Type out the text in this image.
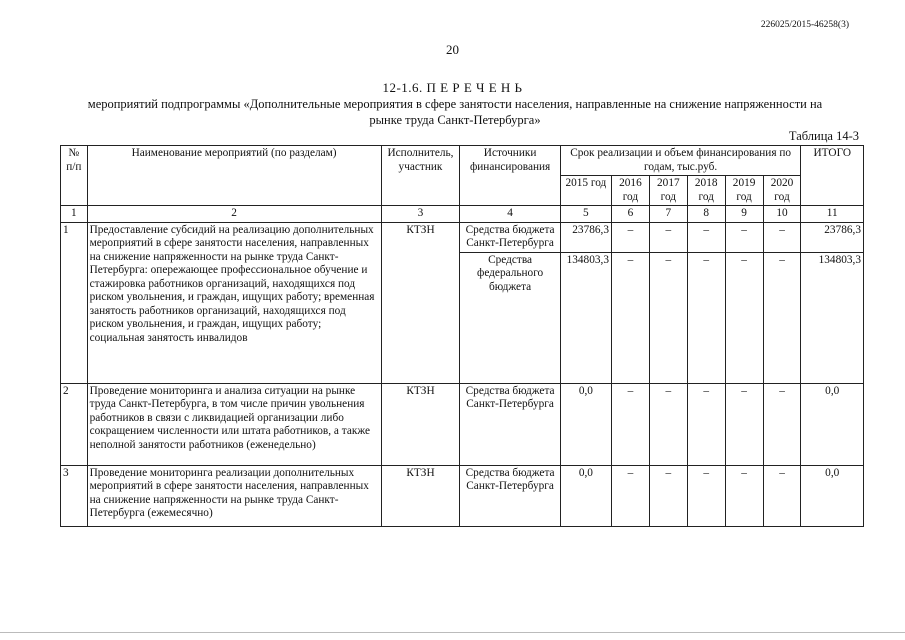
226025/2015-46258(3)
20
12-1.6. П Е Р Е Ч Е Н Ь
мероприятий подпрограммы «Дополнительные мероприятия в сфере занятости населения, направленные на снижение напряженности на рынке труда Санкт-Петербурга»
Таблица 14-3
№ п/п	Наименование мероприятий (по разделам)	Исполнитель, участник	Источники финансирования	Срок реализации и объем финансирования по годам, тыс.руб.						ИТОГО
				2015 год	2016 год	2017 год	2018 год	2019 год	2020 год	
1	2	3	4	5	6	7	8	9	10	11
1	Предоставление субсидий на реализацию дополнительных мероприятий в сфере занятости населения, направленных на снижение напряженности на рынке труда Санкт-Петербурга: опережающее профессиональное обучение и стажировка работников организаций, находящихся под риском увольнения, и граждан, ищущих работу; временная занятость работников организаций, находящихся под риском увольнения, и граждан, ищущих работу; социальная занятость инвалидов	КТЗН	Средства бюджета Санкт-Петербурга	23786,3	–	–	–	–	–	23786,3
			Средства федерального бюджета	134803,3	–	–	–	–	–	134803,3
2	Проведение мониторинга и анализа ситуации на рынке труда Санкт-Петербурга, в том числе причин увольнения работников в связи с ликвидацией организации либо сокращением численности или штата работников, а также неполной занятости работников (еженедельно)	КТЗН	Средства бюджета Санкт-Петербурга	0,0	–	–	–	–	–	0,0
3	Проведение мониторинга реализации дополнительных мероприятий в сфере занятости населения, направленных на снижение напряженности на рынке труда Санкт-Петербурга (ежемесячно)	КТЗН	Средства бюджета Санкт-Петербурга	0,0	–	–	–	–	–	0,0
